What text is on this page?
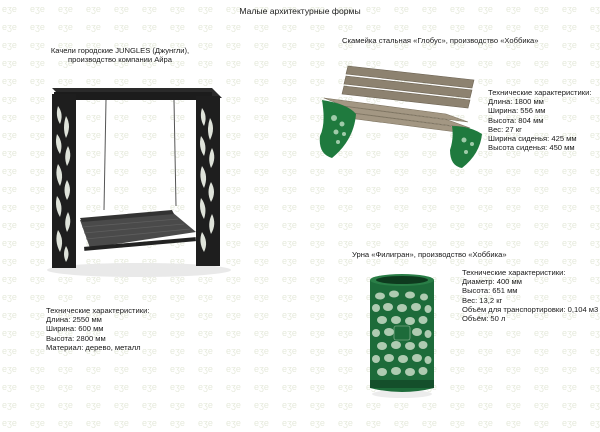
Малые архитектурные формы
Качели городские JUNGLES (Джунгли),
производство компании Айра
Технические характеристики:
Длина: 2550 мм
Ширина: 600 мм
Высота: 2800 мм
Материал: дерево, металл
Скамейка стальная «Глобус», производство «Хоббика»
Технические характеристики:
Длина: 1800 мм
Ширина: 556 мм
Высота: 804 мм
Вес: 27 кг
Ширина сиденья: 425 мм
Высота сиденья: 450 мм
Урна «Филигран», производство «Хоббика»
Технические характеристики:
Диаметр: 400 мм
Высота: 651 мм
Вес: 13,2 кг
Объём для транспортировки: 0,104 м3
Объём: 50 л
